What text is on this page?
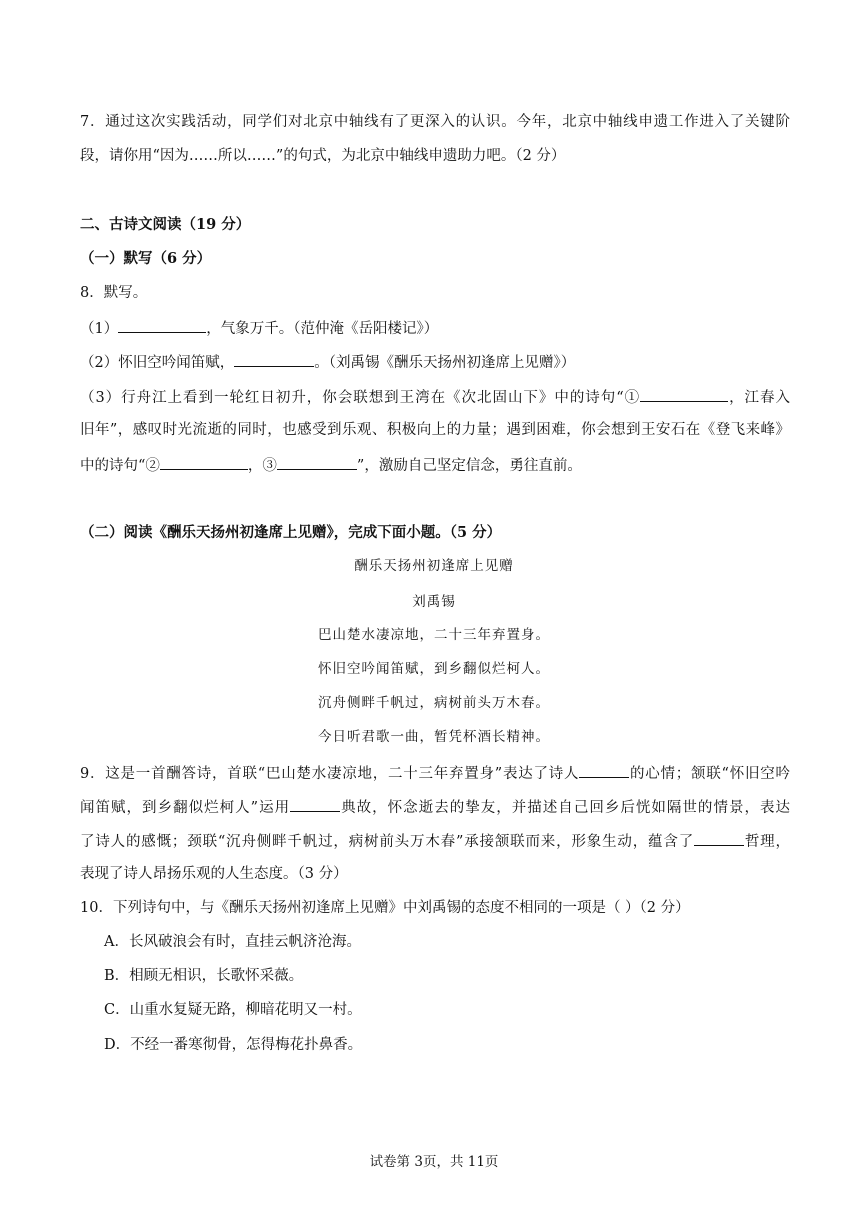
7．通过这次实践活动，同学们对北京中轴线有了更深入的认识。今年，北京中轴线申遗工作进入了关键阶
段，请你用“因为……所以……”的句式，为北京中轴线申遗助力吧。（2 分）
二、古诗文阅读（19 分）
（一）默写（6 分）
8．默写。
（1）	，气象万千。（范仲淹《岳阳楼记》）
（2）怀旧空吟闻笛赋，	。（刘禹锡《酬乐天扬州初逢席上见赠》）
（3）行舟江上看到一轮红日初升，你会联想到王湾在《次北固山下》中的诗句“①	，江春入
旧年”，感叹时光流逝的同时，也感受到乐观、积极向上的力量；遇到困难，你会想到王安石在《登飞来峰》
中的诗句“②	，③	”，激励自己坚定信念，勇往直前。
（二）阅读《酬乐天扬州初逢席上见赠》，完成下面小题。（5 分）
酬乐天扬州初逢席上见赠
刘禹锡
巴山楚水凄凉地，二十三年弃置身。
怀旧空吟闻笛赋，到乡翻似烂柯人。
沉舟侧畔千帆过，病树前头万木春。
今日听君歌一曲，暂凭杯酒长精神。
9．这是一首酬答诗，首联“巴山楚水凄凉地，二十三年弃置身”表达了诗人	的心情；颔联“怀旧空吟
闻笛赋，到乡翻似烂柯人”运用	典故，怀念逝去的挚友，并描述自己回乡后恍如隔世的情景，表达
了诗人的感慨；颈联“沉舟侧畔千帆过，病树前头万木春”承接颔联而来，形象生动，蕴含了	哲理，
表现了诗人昂扬乐观的人生态度。（3 分）
10．下列诗句中，与《酬乐天扬州初逢席上见赠》中刘禹锡的态度不相同的一项是（ ）（2 分）
A．长风破浪会有时，直挂云帆济沧海。
B．相顾无相识，长歌怀采薇。
C．山重水复疑无路，柳暗花明又一村。
D．不经一番寒彻骨，怎得梅花扑鼻香。
试卷第 3页，共 11页
